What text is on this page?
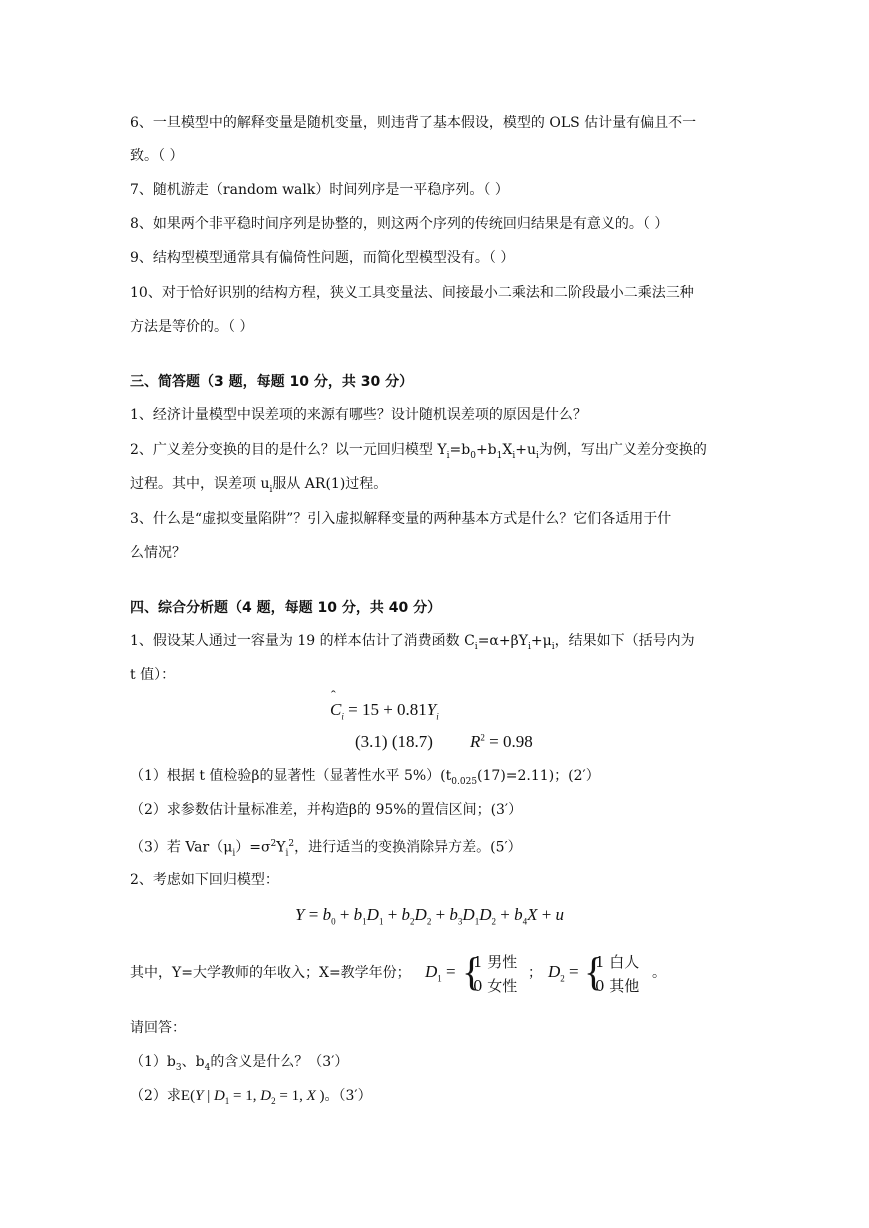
6、一旦模型中的解释变量是随机变量，则违背了基本假设，模型的 OLS 估计量有偏且不一
致。（ ）
7、随机游走（random walk）时间列序是一平稳序列。（ ）
8、如果两个非平稳时间序列是协整的，则这两个序列的传统回归结果是有意义的。（ ）
9、结构型模型通常具有偏倚性问题，而简化型模型没有。（ ）
10、对于恰好识别的结构方程，狭义工具变量法、间接最小二乘法和二阶段最小二乘法三种
方法是等价的。（ ）
三、简答题（3 题，每题 10 分，共 30 分）
1、经济计量模型中误差项的来源有哪些？设计随机误差项的原因是什么？
2、广义差分变换的目的是什么？以一元回归模型 $Y_i=b_0+b_1X_i+u_i$为例，写出广义差分变换的
过程。其中，误差项 $u_i$服从 AR(1)过程。
3、什么是“虚拟变量陷阱”？引入虚拟解释变量的两种基本方式是什么？它们各适用于什
么情况？
四、综合分析题（4 题，每题 10 分，共 40 分）
1、假设某人通过一容量为 19 的样本估计了消费函数 $C_i=\alpha+\beta Y_i+\mu_i$，结果如下（括号内为
t 值）：
C
ˆ
$_i = 15 + 0.81Y_i$
(3.1) (18.7) $R^2 = 0.98$
（1）根据 t 值检验β的显著性（显著性水平 $5\%)(t_{0.025}(17)=2.11)$；(2′）
（2）求参数估计量标准差，并构造β的 95%的置信区间；(3′）
（3）若 $Var(\mu_i)=\sigma^2Y_i^2$，进行适当的变换消除异方差。(5′）
2、考虑如下回归模型：
$Y = b_0 + b_1D_1 + b_2D_2 + b_3D_1D_2 + b_4X + u$
其中，Y=大学教师的年收入；X=教学年份； $D_1$ = {
1 男性
0 女性
； $D_2$ = {
1 白人
0 其他
。
请回答：
$(1)b_3$、$b_4$的含义是什么？（3′）
（2）求E(Y | $D_1 = 1$, $D_2 = 1$, X )。（3′）
